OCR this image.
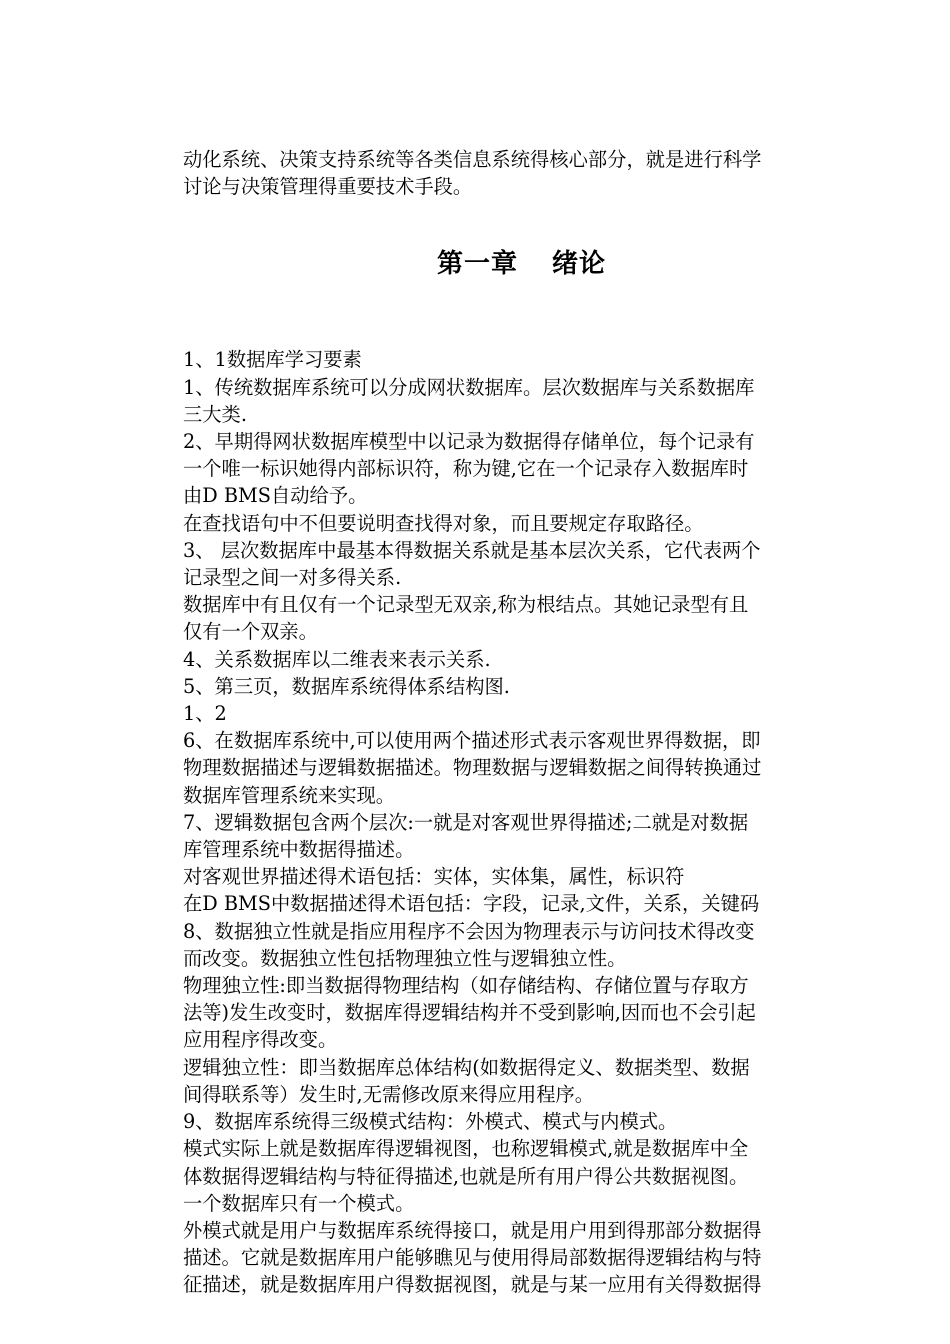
动化系统、决策支持系统等各类信息系统得核心部分，就是进行科学

讨论与决策管理得重要技术手段。

第一章 绪论

1、1数据库学习要素

1、传统数据库系统可以分成网状数据库。层次数据库与关系数据库

三大类.

2、早期得网状数据库模型中以记录为数据得存储单位，每个记录有

一个唯一标识她得内部标识符，称为键,它在一个记录存入数据库时

由D BMS自动给予。

在查找语句中不但要说明查找得对象，而且要规定存取路径。

3、 层次数据库中最基本得数据关系就是基本层次关系，它代表两个

记录型之间一对多得关系.

数据库中有且仅有一个记录型无双亲,称为根结点。其她记录型有且

仅有一个双亲。

4、关系数据库以二维表来表示关系.

5、第三页，数据库系统得体系结构图.

1、2

6、在数据库系统中,可以使用两个描述形式表示客观世界得数据，即

物理数据描述与逻辑数据描述。物理数据与逻辑数据之间得转换通过

数据库管理系统来实现。

7、逻辑数据包含两个层次:一就是对客观世界得描述;二就是对数据

库管理系统中数据得描述。

对客观世界描述得术语包括：实体，实体集，属性，标识符

在D BMS中数据描述得术语包括：字段，记录,文件，关系，关键码

8、数据独立性就是指应用程序不会因为物理表示与访问技术得改变

而改变。数据独立性包括物理独立性与逻辑独立性。

物理独立性:即当数据得物理结构（如存储结构、存储位置与存取方

法等)发生改变时，数据库得逻辑结构并不受到影响,因而也不会引起

应用程序得改变。

逻辑独立性：即当数据库总体结构(如数据得定义、数据类型、数据

间得联系等）发生时,无需修改原来得应用程序。

9、数据库系统得三级模式结构：外模式、模式与内模式。

模式实际上就是数据库得逻辑视图，也称逻辑模式,就是数据库中全

体数据得逻辑结构与特征得描述,也就是所有用户得公共数据视图。

一个数据库只有一个模式。

外模式就是用户与数据库系统得接口，就是用户用到得那部分数据得

描述。它就是数据库用户能够瞧见与使用得局部数据得逻辑结构与特

征描述，就是数据库用户得数据视图，就是与某一应用有关得数据得
